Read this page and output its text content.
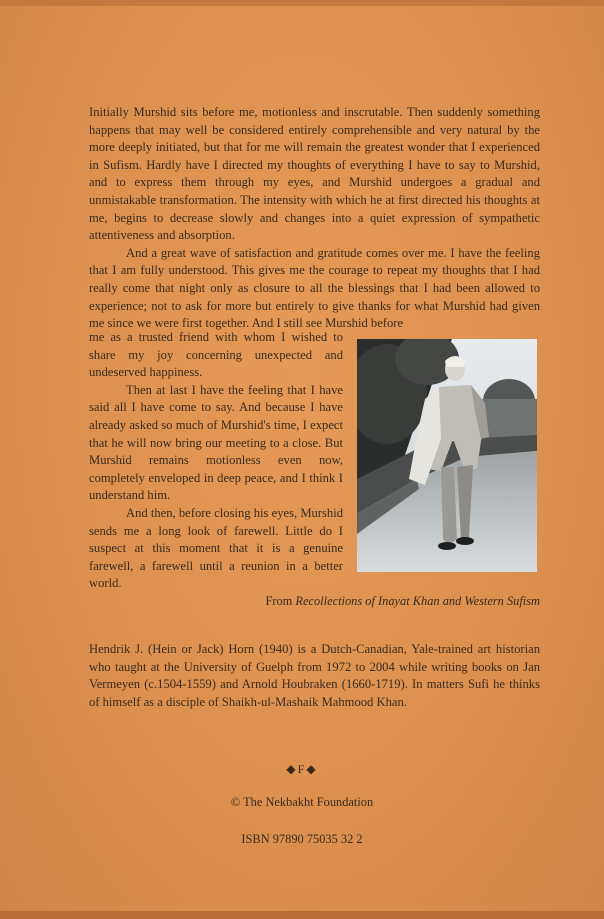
Initially Murshid sits before me, motionless and inscrutable. Then suddenly something happens that may well be considered entirely comprehensible and very natural by the more deeply initiated, but that for me will remain the greatest wonder that I experienced in Sufism. Hardly have I directed my thoughts of everything I have to say to Murshid, and to express them through my eyes, and Murshid undergoes a gradual and unmistakable transformation. The intensity with which he at first directed his thoughts at me, begins to decrease slowly and changes into a quiet expression of sympathetic attentiveness and absorption.

And a great wave of satisfaction and gratitude comes over me. I have the feeling that I am fully understood. This gives me the courage to repeat my thoughts that I had really come that night only as closure to all the blessings that I had been allowed to experience; not to ask for more but entirely to give thanks for what Murshid had given me since we were first together. And I still see Murshid before

me as a trusted friend with whom I wished to share my joy concerning unexpected and undeserved happiness.

Then at last I have the feeling that I have said all I have come to say. And because I have already asked so much of Murshid's time, I expect that he will now bring our meeting to a close. But Murshid remains motionless even now, completely enveloped in deep peace, and I think I understand him.

And then, before closing his eyes, Murshid sends me a long look of farewell. Little do I suspect at this moment that it is a genuine farewell, a farewell until a reunion in a better world.

From Recollections of Inayat Khan and Western Sufism

Hendrik J. (Hein or Jack) Horn (1940) is a Dutch-Canadian, Yale-trained art historian who taught at the University of Guelph from 1972 to 2004 while writing books on Jan Vermeyen (c.1504-1559) and Arnold Houbraken (1660-1719). In matters Sufi he thinks of himself as a disciple of Shaikh-ul-Mashaik Mahmood Khan.

◆F◆
© The Nekbakht Foundation
ISBN 97890 75035 32 2
